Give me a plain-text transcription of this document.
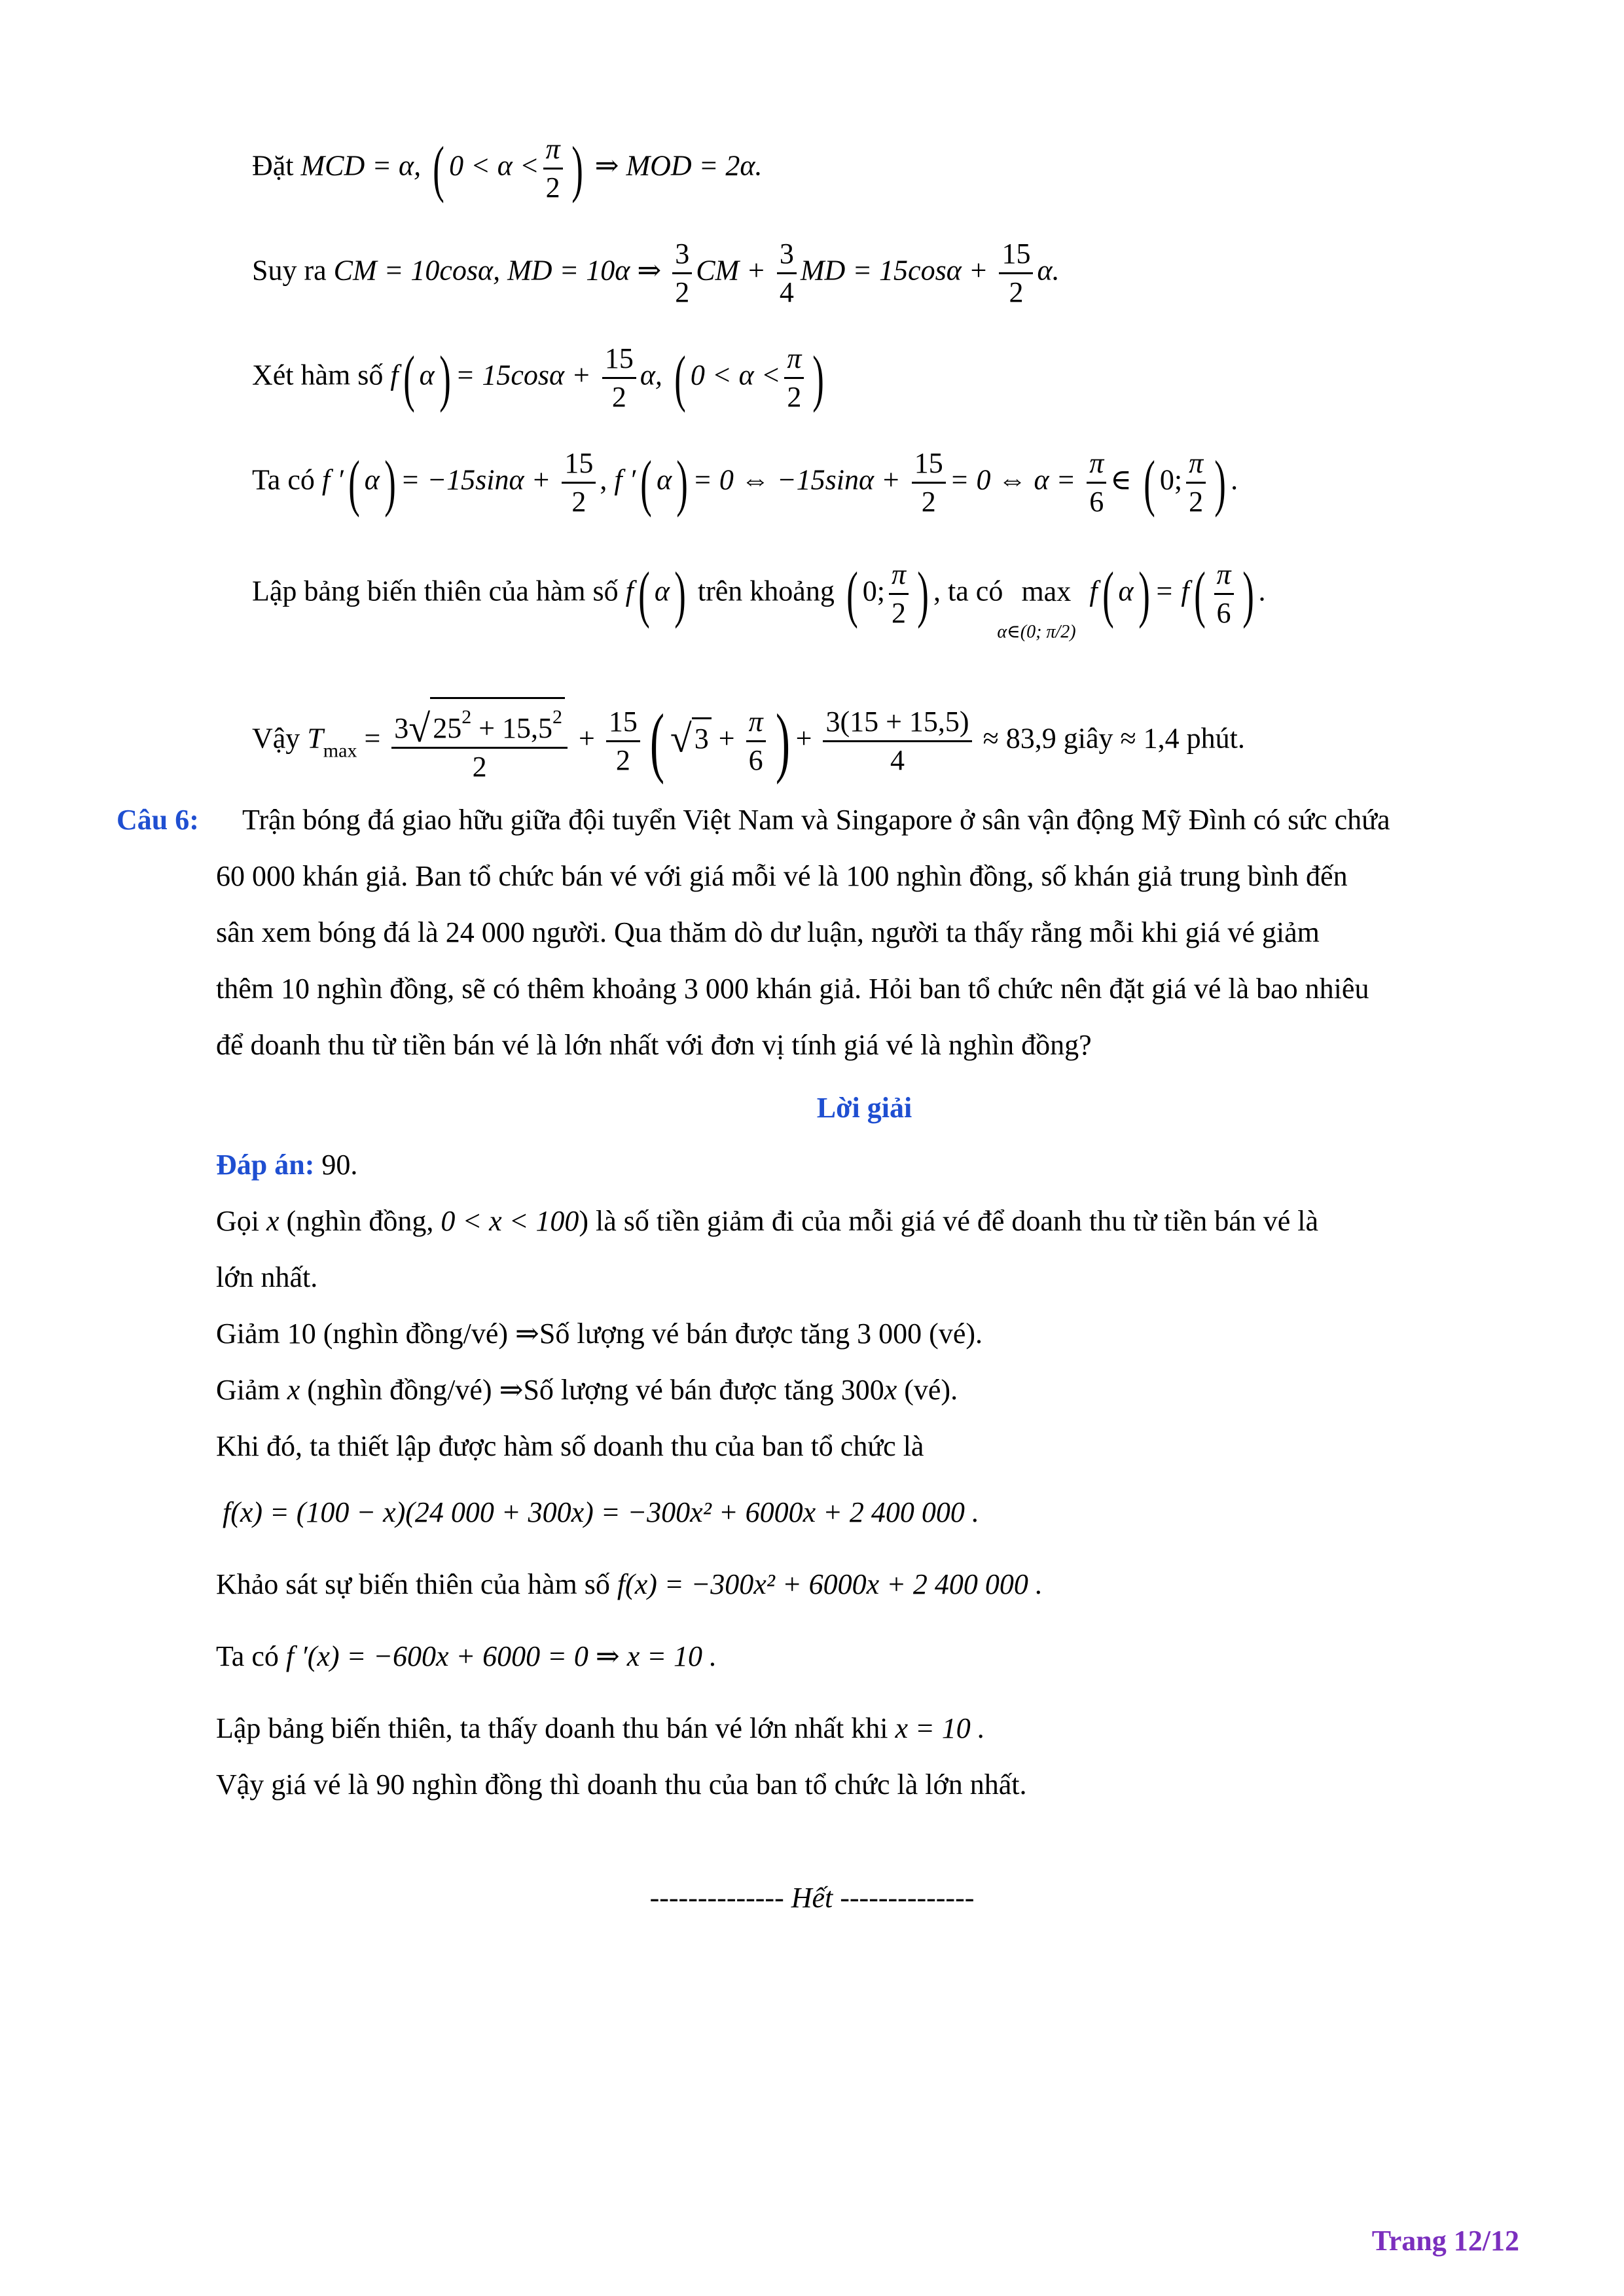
Đặt MCD = α, ( $0 < \alpha < \frac{\pi}{2}$ ) ⇒ MOD = 2α.
Suy ra CM = 10cosα, MD = 10α ⇒ $\frac{3}{2}$ CM + $\frac{3}{4}$ MD = $15\cos\alpha + \frac{15}{2} \alpha$.
Xét hàm số f( $\alpha) = 15\cos\alpha + \frac{15}{2} \alpha$, ( $0 < \alpha < \frac{\pi}{2}$ )
Ta có f ′( $\alpha) = -15\sin\alpha + \frac{15}{2}$ , f ′( α) = 0 ⇔ $-15\sin\alpha + \frac{15}{2} = 0$ ⇔ $\alpha = \frac{\pi}{6}$ ∈ ( 0; $\frac{\pi}{2}$ ) .
Lập bảng biến thiên của hàm số f( α) trên khoảng ( 0; $\frac{\pi}{2}$ ) , ta có max
α∈(0; π/2)
f( $\alpha) = f( \frac{\pi}{6}$ ) .
Vậy $T_{max} = \frac{3√25^2 + 15,5^2}{2} + \frac{15}{2}$ ( $√3 + \frac{\pi}{6}$ ) + $\frac{3(15 + 15,5)}{4} \approx 83,9$ giây ≈ 1,4 phút.
Câu 6: Trận bóng đá giao hữu giữa đội tuyển Việt Nam và Singapore ở sân vận động Mỹ Đình có sức chứa
60 000 khán giả. Ban tổ chức bán vé với giá mỗi vé là 100 nghìn đồng, số khán giả trung bình đến
sân xem bóng đá là 24 000 người. Qua thăm dò dư luận, người ta thấy rằng mỗi khi giá vé giảm
thêm 10 nghìn đồng, sẽ có thêm khoảng 3 000 khán giả. Hỏi ban tổ chức nên đặt giá vé là bao nhiêu
để doanh thu từ tiền bán vé là lớn nhất với đơn vị tính giá vé là nghìn đồng?
Lời giải
Đáp án: 90.
Gọi x (nghìn đồng, 0 < x < 100) là số tiền giảm đi của mỗi giá vé để doanh thu từ tiền bán vé là
lớn nhất.
Giảm 10 (nghìn đồng/vé) ⇒Số lượng vé bán được tăng 3 000 (vé).
Giảm x (nghìn đồng/vé) ⇒Số lượng vé bán được tăng 300x (vé).
Khi đó, ta thiết lập được hàm số doanh thu của ban tổ chức là
f(x) = (100 − x)(24 000 + 300x) = −300x² + 6000x + 2 400 000 .
Khảo sát sự biến thiên của hàm số f(x) = −300x² + 6000x + 2 400 000 .
Ta có f ′(x) = −600x + 6000 = 0 ⇒ x = 10 .
Lập bảng biến thiên, ta thấy doanh thu bán vé lớn nhất khi x = 10 .
Vậy giá vé là 90 nghìn đồng thì doanh thu của ban tổ chức là lớn nhất.
-------------- Hết --------------
Trang 12/12
